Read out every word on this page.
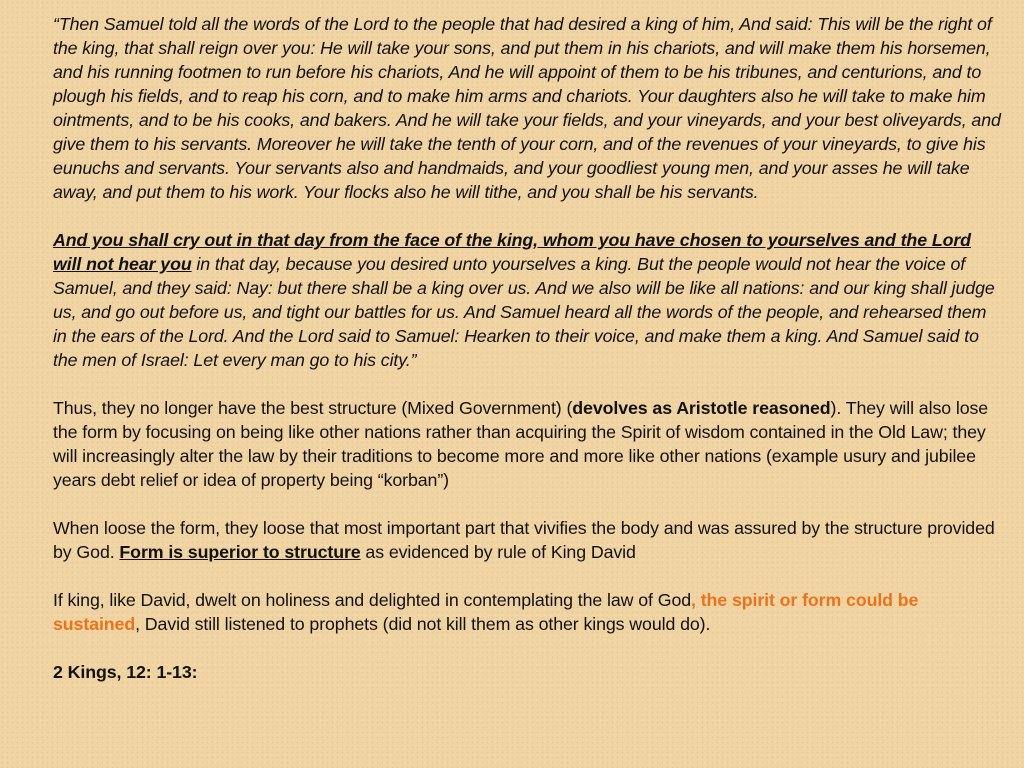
“Then Samuel told all the words of the Lord to the people that had desired a king of him, And said: This will be the right of the king, that shall reign over you: He will take your sons, and put them in his chariots, and will make them his horsemen, and his running footmen to run before his chariots, And he will appoint of them to be his tribunes, and centurions, and to plough his fields, and to reap his corn, and to make him arms and chariots. Your daughters also he will take to make him ointments, and to be his cooks, and bakers. And he will take your fields, and your vineyards, and your best oliveyards, and give them to his servants. Moreover he will take the tenth of your corn, and of the revenues of your vineyards, to give his eunuchs and servants. Your servants also and handmaids, and your goodliest young men, and your asses he will take away, and put them to his work. Your flocks also he will tithe, and you shall be his servants.

And you shall cry out in that day from the face of the king, whom you have chosen to yourselves and the Lord will not hear you in that day, because you desired unto yourselves a king. But the people would not hear the voice of Samuel, and they said: Nay: but there shall be a king over us. And we also will be like all nations: and our king shall judge us, and go out before us, and tight our battles for us. And Samuel heard all the words of the people, and rehearsed them in the ears of the Lord. And the Lord said to Samuel: Hearken to their voice, and make them a king. And Samuel said to the men of Israel: Let every man go to his city.”

Thus, they no longer have the best structure (Mixed Government) (devolves as Aristotle reasoned). They will also lose the form by focusing on being like other nations rather than acquiring the Spirit of wisdom contained in the Old Law; they will increasingly alter the law by their traditions to become more and more like other nations (example usury and jubilee years debt relief or idea of property being “korban”)

When loose the form, they loose that most important part that vivifies the body and was assured by the structure provided by God. Form is superior to structure as evidenced by rule of King David

If king, like David, dwelt on holiness and delighted in contemplating the law of God, the spirit or form could be sustained, David still listened to prophets (did not kill them as other kings would do).

2 Kings, 12: 1-13:
